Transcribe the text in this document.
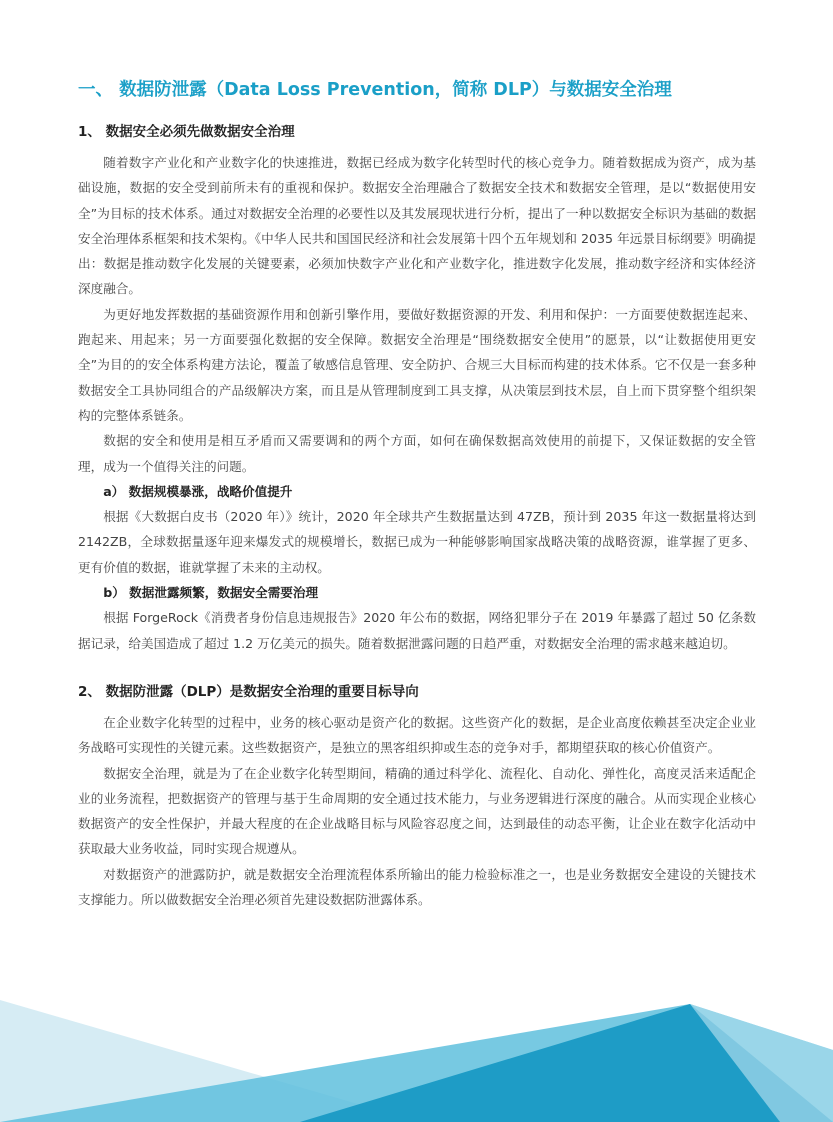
一、 数据防泄露（Data Loss Prevention，简称 DLP）与数据安全治理
1、 数据安全必须先做数据安全治理

随着数字产业化和产业数字化的快速推进，数据已经成为数字化转型时代的核心竞争力。随着数据成为资产，成为基础设施，数据的安全受到前所未有的重视和保护。数据安全治理融合了数据安全技术和数据安全管理，是以“数据使用安全”为目标的技术体系。通过对数据安全治理的必要性以及其发展现状进行分析，提出了一种以数据安全标识为基础的数据安全治理体系框架和技术架构。《中华人民共和国国民经济和社会发展第十四个五年规划和 2035 年远景目标纲要》明确提出：数据是推动数字化发展的关键要素，必须加快数字产业化和产业数字化，推进数字化发展，推动数字经济和实体经济深度融合。

为更好地发挥数据的基础资源作用和创新引擎作用，要做好数据资源的开发、利用和保护：一方面要使数据连起来、跑起来、用起来；另一方面要强化数据的安全保障。数据安全治理是“围绕数据安全使用”的愿景，以“让数据使用更安全”为目的的安全体系构建方法论，覆盖了敏感信息管理、安全防护、合规三大目标而构建的技术体系。它不仅是一套多种数据安全工具协同组合的产品级解决方案，而且是从管理制度到工具支撑，从决策层到技术层，自上而下贯穿整个组织架构的完整体系链条。

数据的安全和使用是相互矛盾而又需要调和的两个方面，如何在确保数据高效使用的前提下，又保证数据的安全管理，成为一个值得关注的问题。

a） 数据规模暴涨，战略价值提升

根据《大数据白皮书（2020 年）》统计，2020 年全球共产生数据量达到 47ZB，预计到 2035 年这一数据量将达到 2142ZB，全球数据量逐年迎来爆发式的规模增长，数据已成为一种能够影响国家战略决策的战略资源，谁掌握了更多、更有价值的数据，谁就掌握了未来的主动权。

b） 数据泄露频繁，数据安全需要治理

根据 ForgeRock《消费者身份信息违规报告》2020 年公布的数据，网络犯罪分子在 2019 年暴露了超过 50 亿条数据记录，给美国造成了超过 1.2 万亿美元的损失。随着数据泄露问题的日趋严重，对数据安全治理的需求越来越迫切。

2、 数据防泄露（DLP）是数据安全治理的重要目标导向

在企业数字化转型的过程中，业务的核心驱动是资产化的数据。这些资产化的数据，是企业高度依赖甚至决定企业业务战略可实现性的关键元素。这些数据资产，是独立的黑客组织抑或生态的竞争对手，都期望获取的核心价值资产。

数据安全治理，就是为了在企业数字化转型期间，精确的通过科学化、流程化、自动化、弹性化，高度灵活来适配企业的业务流程，把数据资产的管理与基于生命周期的安全通过技术能力，与业务逻辑进行深度的融合。从而实现企业核心数据资产的安全性保护，并最大程度的在企业战略目标与风险容忍度之间，达到最佳的动态平衡，让企业在数字化活动中获取最大业务收益，同时实现合规遵从。

对数据资产的泄露防护，就是数据安全治理流程体系所输出的能力检验标准之一，也是业务数据安全建设的关键技术支撑能力。所以做数据安全治理必须首先建设数据防泄露体系。
